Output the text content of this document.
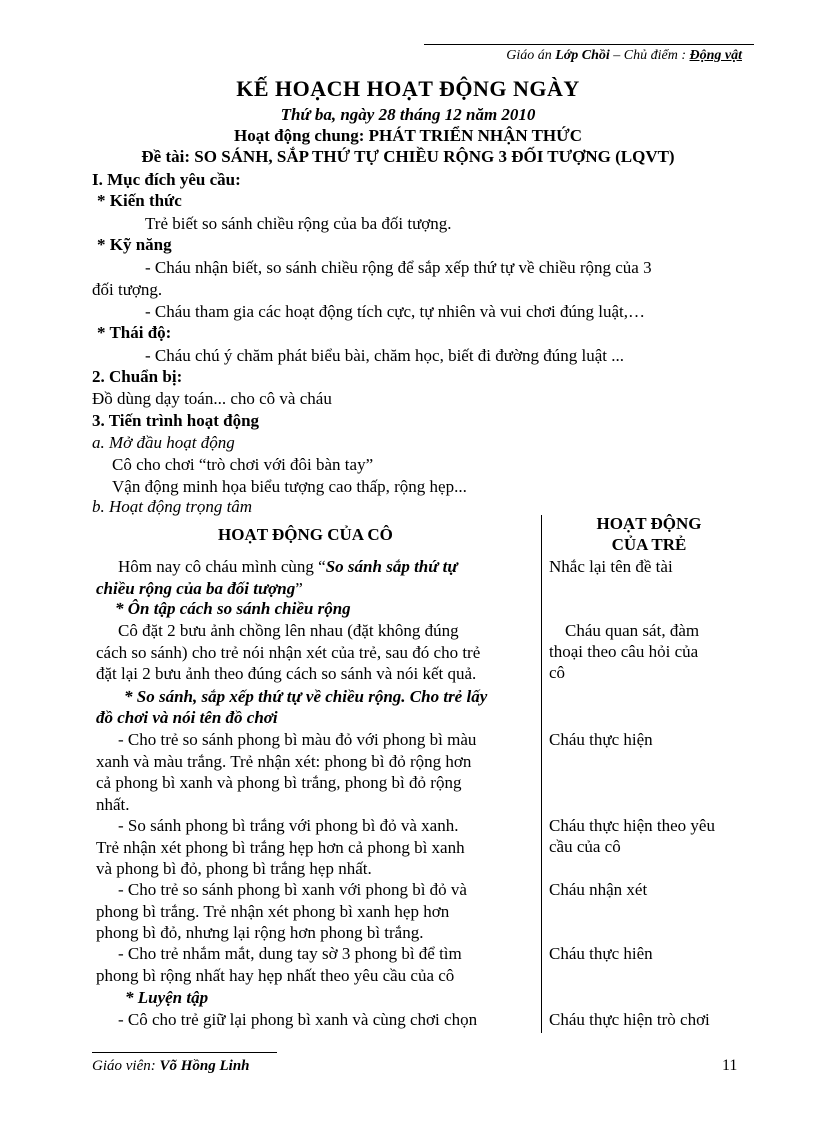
Giáo án Lớp Chồi – Chủ điểm : Động vật
KẾ HOẠCH HOẠT ĐỘNG NGÀY
Thứ ba, ngày 28 tháng 12 năm 2010
Hoạt động chung: PHÁT TRIỂN NHẬN THỨC
Đề tài: SO SÁNH, SẮP THỨ TỰ CHIỀU RỘNG 3 ĐỐI TƯỢNG (LQVT)
I. Mục đích yêu cầu:
* Kiến thức
Trẻ biết so sánh chiều rộng của ba đối tượng.
* Kỹ năng
- Cháu nhận biết, so sánh chiều rộng để sắp xếp thứ tự về chiều rộng của 3
đối tượng.
- Cháu tham gia các hoạt động tích cực, tự nhiên và vui chơi đúng luật,…
* Thái độ:
- Cháu chú ý chăm phát biểu bài, chăm học, biết đi đường đúng luật ...
2. Chuẩn bị:
Đồ dùng dạy toán... cho cô và cháu
3. Tiến trình hoạt động
a. Mở đầu hoạt động
Cô cho chơi “trò chơi với đôi bàn tay”
Vận động minh họa biểu tượng cao thấp, rộng hẹp...
b. Hoạt động trọng tâm
HOẠT ĐỘNG CỦA CÔ
HOẠT ĐỘNG
CỦA TRẺ
Hôm nay cô cháu mình cùng “So sánh sắp thứ tự
chiều rộng của ba đối tượng”
Nhắc lại tên đề tài
* Ôn tập cách so sánh chiều rộng
Cô đặt 2 bưu ảnh chồng lên nhau (đặt không đúng
cách so sánh) cho trẻ nói nhận xét của trẻ, sau đó cho trẻ
đặt lại 2 bưu ảnh theo đúng cách so sánh và nói kết quả.
Cháu quan sát, đàm
thoại theo câu hỏi của
cô
* So sánh, sắp xếp thứ tự về chiều rộng. Cho trẻ lấy
đồ chơi và nói tên đồ chơi
- Cho trẻ so sánh phong bì màu đỏ với phong bì màu
xanh và màu trắng. Trẻ nhận xét: phong bì đỏ rộng hơn
cả phong bì xanh và phong bì trắng, phong bì đỏ rộng
nhất.
Cháu thực hiện
- So sánh phong bì trắng với phong bì đỏ và xanh.
Trẻ nhận xét phong bì trắng hẹp hơn cả phong bì xanh
và phong bì đỏ, phong bì trắng hẹp nhất.
Cháu thực hiện theo yêu
cầu của cô
- Cho trẻ so sánh phong bì xanh với phong bì đỏ và
phong bì trắng. Trẻ nhận xét phong bì xanh hẹp hơn
phong bì đỏ, nhưng lại rộng hơn phong bì trắng.
Cháu nhận xét
- Cho trẻ nhắm mắt, dung tay sờ 3 phong bì để tìm
phong bì rộng nhất hay hẹp nhất theo yêu cầu của cô
Cháu thực hiên
* Luyện tập
- Cô cho trẻ giữ lại phong bì xanh và cùng chơi chọn	Cháu thực hiện trò chơi
Giáo viên: Võ Hồng Linh	11
